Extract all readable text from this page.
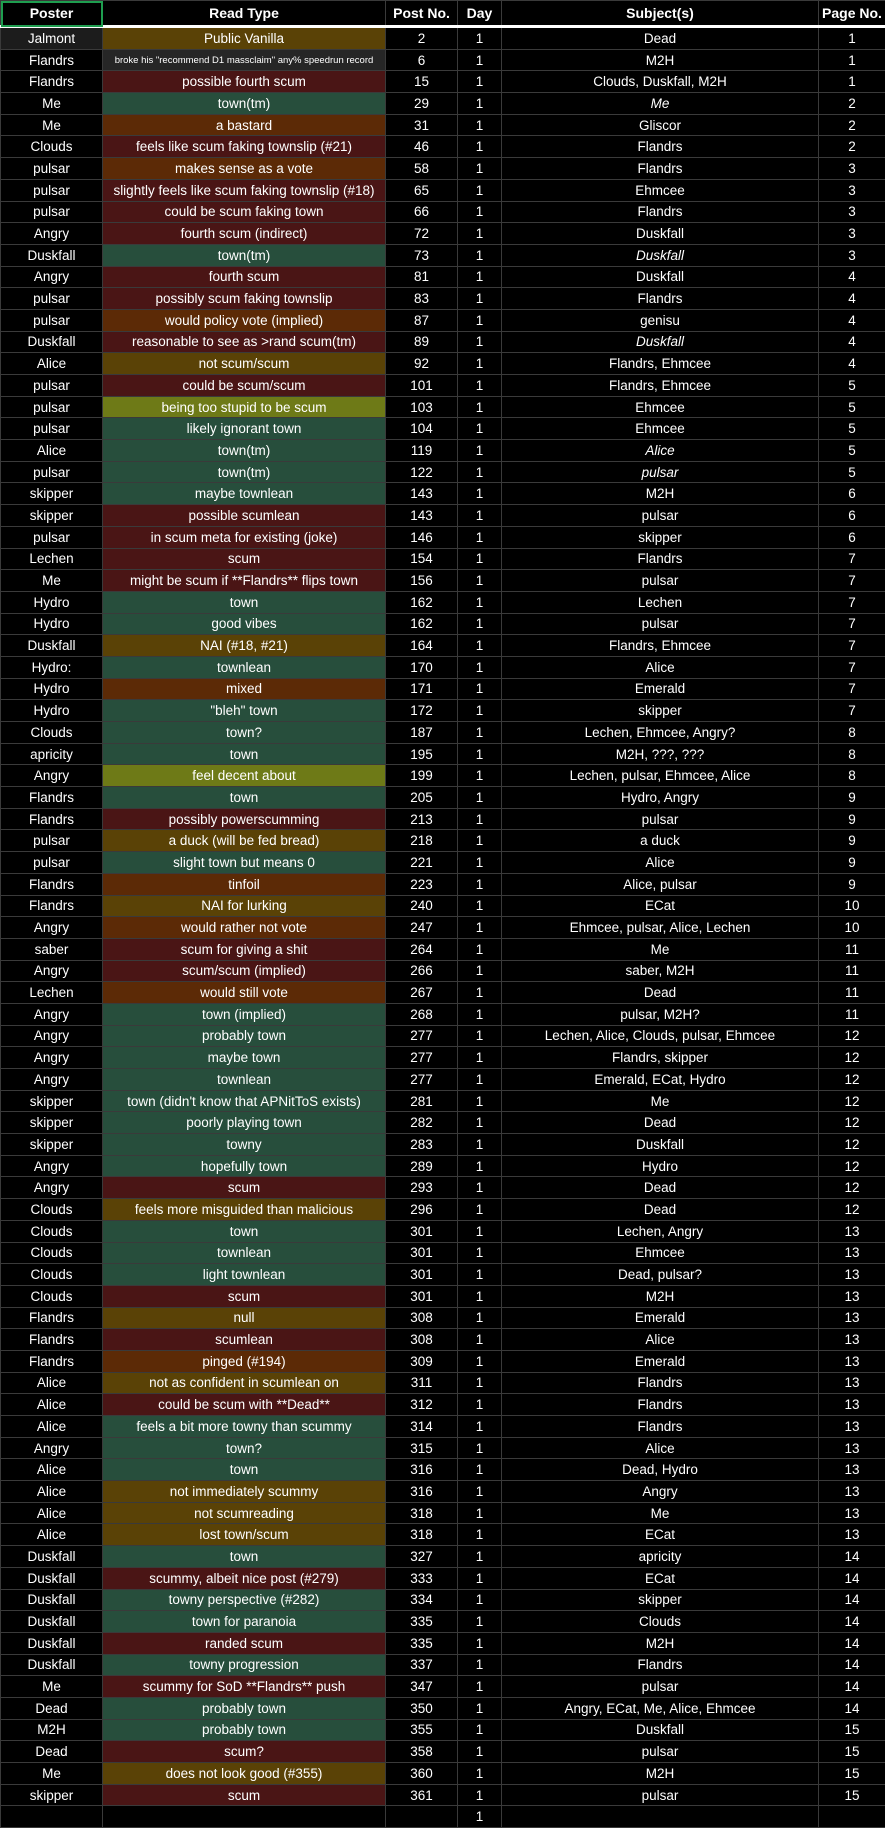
Poster	Read Type	Post No.	Day	Subject(s)	Page No.
Jalmont	Public Vanilla	2	1	Dead	1
Flandrs	broke his "recommend D1 massclaim" any% speedrun record	6	1	M2H	1
Flandrs	possible fourth scum	15	1	Clouds, Duskfall, M2H	1
Me	town(tm)	29	1	Me	2
Me	a bastard	31	1	Gliscor	2
Clouds	feels like scum faking townslip (#21)	46	1	Flandrs	2
pulsar	makes sense as a vote	58	1	Flandrs	3
pulsar	slightly feels like scum faking townslip (#18)	65	1	Ehmcee	3
pulsar	could be scum faking town	66	1	Flandrs	3
Angry	fourth scum (indirect)	72	1	Duskfall	3
Duskfall	town(tm)	73	1	Duskfall	3
Angry	fourth scum	81	1	Duskfall	4
pulsar	possibly scum faking townslip	83	1	Flandrs	4
pulsar	would policy vote (implied)	87	1	genisu	4
Duskfall	reasonable to see as >rand scum(tm)	89	1	Duskfall	4
Alice	not scum/scum	92	1	Flandrs, Ehmcee	4
pulsar	could be scum/scum	101	1	Flandrs, Ehmcee	5
pulsar	being too stupid to be scum	103	1	Ehmcee	5
pulsar	likely ignorant town	104	1	Ehmcee	5
Alice	town(tm)	119	1	Alice	5
pulsar	town(tm)	122	1	pulsar	5
skipper	maybe townlean	143	1	M2H	6
skipper	possible scumlean	143	1	pulsar	6
pulsar	in scum meta for existing (joke)	146	1	skipper	6
Lechen	scum	154	1	Flandrs	7
Me	might be scum if **Flandrs** flips town	156	1	pulsar	7
Hydro	town	162	1	Lechen	7
Hydro	good vibes	162	1	pulsar	7
Duskfall	NAI (#18, #21)	164	1	Flandrs, Ehmcee	7
Hydro:	townlean	170	1	Alice	7
Hydro	mixed	171	1	Emerald	7
Hydro	"bleh" town	172	1	skipper	7
Clouds	town?	187	1	Lechen, Ehmcee, Angry?	8
apricity	town	195	1	M2H, ???, ???	8
Angry	feel decent about	199	1	Lechen, pulsar, Ehmcee, Alice	8
Flandrs	town	205	1	Hydro, Angry	9
Flandrs	possibly powerscumming	213	1	pulsar	9
pulsar	a duck (will be fed bread)	218	1	a duck	9
pulsar	slight town but means 0	221	1	Alice	9
Flandrs	tinfoil	223	1	Alice, pulsar	9
Flandrs	NAI for lurking	240	1	ECat	10
Angry	would rather not vote	247	1	Ehmcee, pulsar, Alice, Lechen	10
saber	scum for giving a shit	264	1	Me	11
Angry	scum/scum (implied)	266	1	saber, M2H	11
Lechen	would still vote	267	1	Dead	11
Angry	town (implied)	268	1	pulsar, M2H?	11
Angry	probably town	277	1	Lechen, Alice, Clouds, pulsar, Ehmcee	12
Angry	maybe town	277	1	Flandrs, skipper	12
Angry	townlean	277	1	Emerald, ECat, Hydro	12
skipper	town (didn't know that APNitToS exists)	281	1	Me	12
skipper	poorly playing town	282	1	Dead	12
skipper	towny	283	1	Duskfall	12
Angry	hopefully town	289	1	Hydro	12
Angry	scum	293	1	Dead	12
Clouds	feels more misguided than malicious	296	1	Dead	12
Clouds	town	301	1	Lechen, Angry	13
Clouds	townlean	301	1	Ehmcee	13
Clouds	light townlean	301	1	Dead, pulsar?	13
Clouds	scum	301	1	M2H	13
Flandrs	null	308	1	Emerald	13
Flandrs	scumlean	308	1	Alice	13
Flandrs	pinged (#194)	309	1	Emerald	13
Alice	not as confident in scumlean on	311	1	Flandrs	13
Alice	could be scum with **Dead**	312	1	Flandrs	13
Alice	feels a bit more towny than scummy	314	1	Flandrs	13
Angry	town?	315	1	Alice	13
Alice	town	316	1	Dead, Hydro	13
Alice	not immediately scummy	316	1	Angry	13
Alice	not scumreading	318	1	Me	13
Alice	lost town/scum	318	1	ECat	13
Duskfall	town	327	1	apricity	14
Duskfall	scummy, albeit nice post (#279)	333	1	ECat	14
Duskfall	towny perspective (#282)	334	1	skipper	14
Duskfall	town for paranoia	335	1	Clouds	14
Duskfall	randed scum	335	1	M2H	14
Duskfall	towny progression	337	1	Flandrs	14
Me	scummy for SoD **Flandrs** push	347	1	pulsar	14
Dead	probably town	350	1	Angry, ECat, Me, Alice, Ehmcee	14
M2H	probably town	355	1	Duskfall	15
Dead	scum?	358	1	pulsar	15
Me	does not look good (#355)	360	1	M2H	15
skipper	scum	361	1	pulsar	15
			1		
